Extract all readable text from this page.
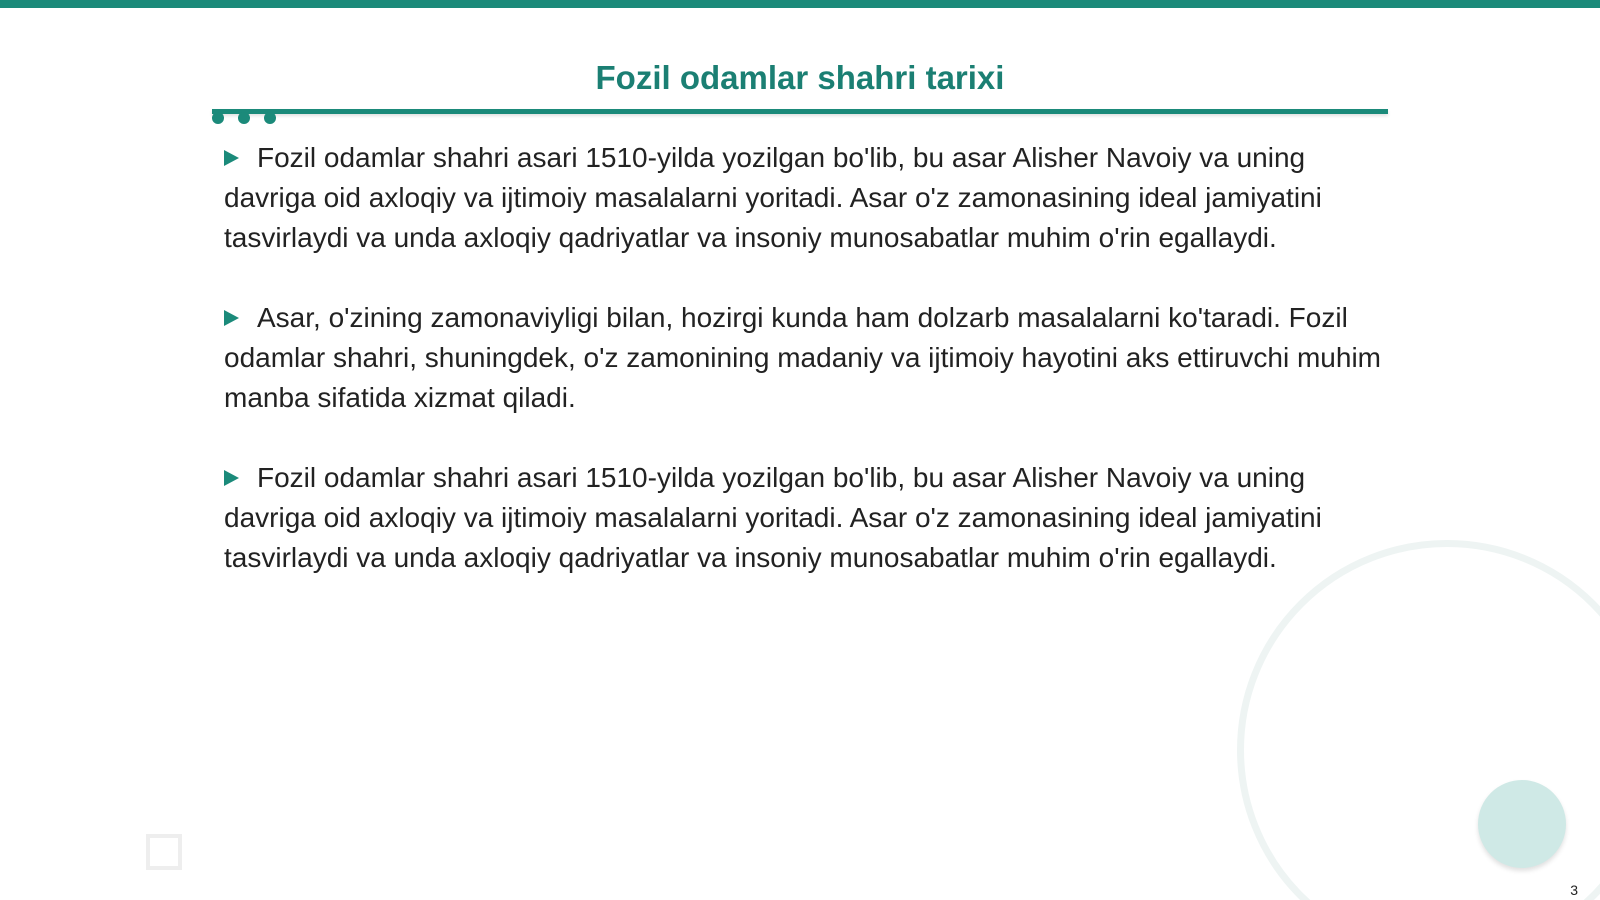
Fozil odamlar shahri tarixi
Fozil odamlar shahri asari 1510-yilda yozilgan bo'lib, bu asar Alisher Navoiy va uning davriga oid axloqiy va ijtimoiy masalalarni yoritadi. Asar o'z zamonasining ideal jamiyatini tasvirlaydi va unda axloqiy qadriyatlar va insoniy munosabatlar muhim o'rin egallaydi.
Asar, o'zining zamonaviyligi bilan, hozirgi kunda ham dolzarb masalalarni ko'taradi. Fozil odamlar shahri, shuningdek, o'z zamonining madaniy va ijtimoiy hayotini aks ettiruvchi muhim manba sifatida xizmat qiladi.
Fozil odamlar shahri asari 1510-yilda yozilgan bo'lib, bu asar Alisher Navoiy va uning davriga oid axloqiy va ijtimoiy masalalarni yoritadi. Asar o'z zamonasining ideal jamiyatini tasvirlaydi va unda axloqiy qadriyatlar va insoniy munosabatlar muhim o'rin egallaydi.
3
